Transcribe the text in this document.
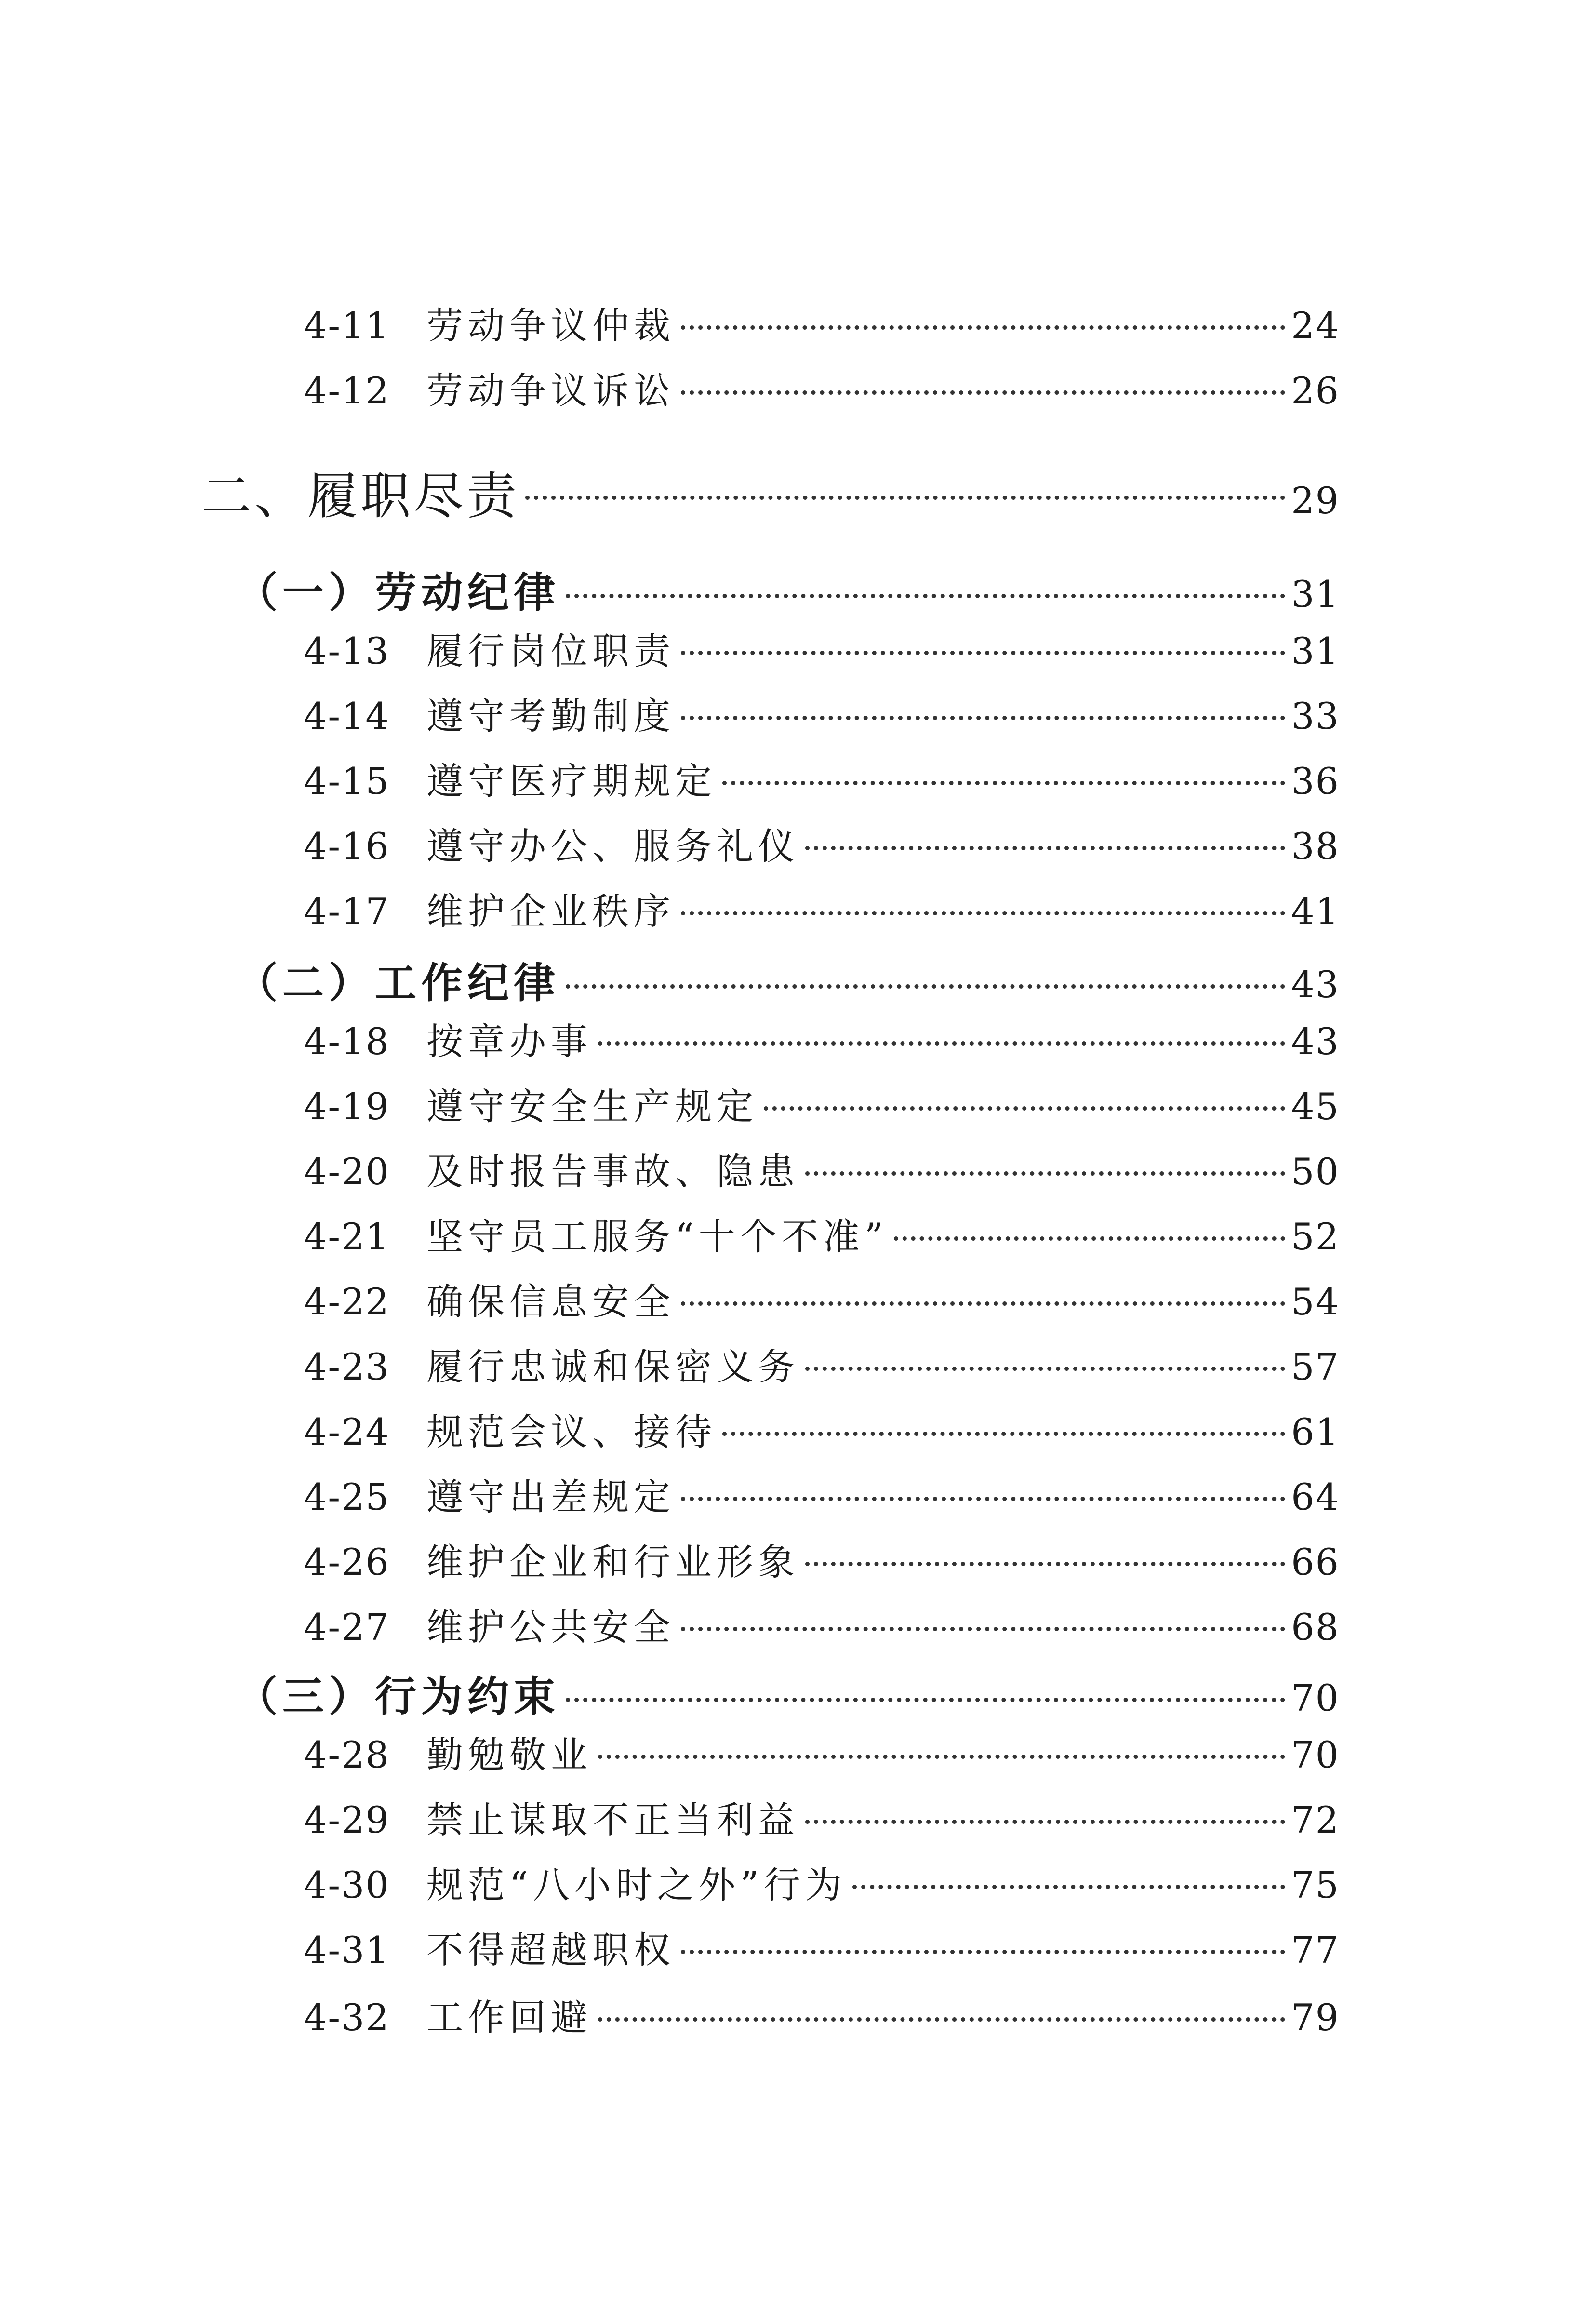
4-11	劳动争议仲裁	24
4-12	劳动争议诉讼	26
二、履职尽责	29
（一）劳动纪律	31
4-13	履行岗位职责	31
4-14	遵守考勤制度	33
4-15	遵守医疗期规定	36
4-16	遵守办公、服务礼仪	38
4-17	维护企业秩序	41
（二）工作纪律	43
4-18	按章办事	43
4-19	遵守安全生产规定	45
4-20	及时报告事故、隐患	50
4-21	坚守员工服务“十个不准”	52
4-22	确保信息安全	54
4-23	履行忠诚和保密义务	57
4-24	规范会议、接待	61
4-25	遵守出差规定	64
4-26	维护企业和行业形象	66
4-27	维护公共安全	68
（三）行为约束	70
4-28	勤勉敬业	70
4-29	禁止谋取不正当利益	72
4-30	规范“八小时之外”行为	75
4-31	不得超越职权	77
4-32	工作回避	79
